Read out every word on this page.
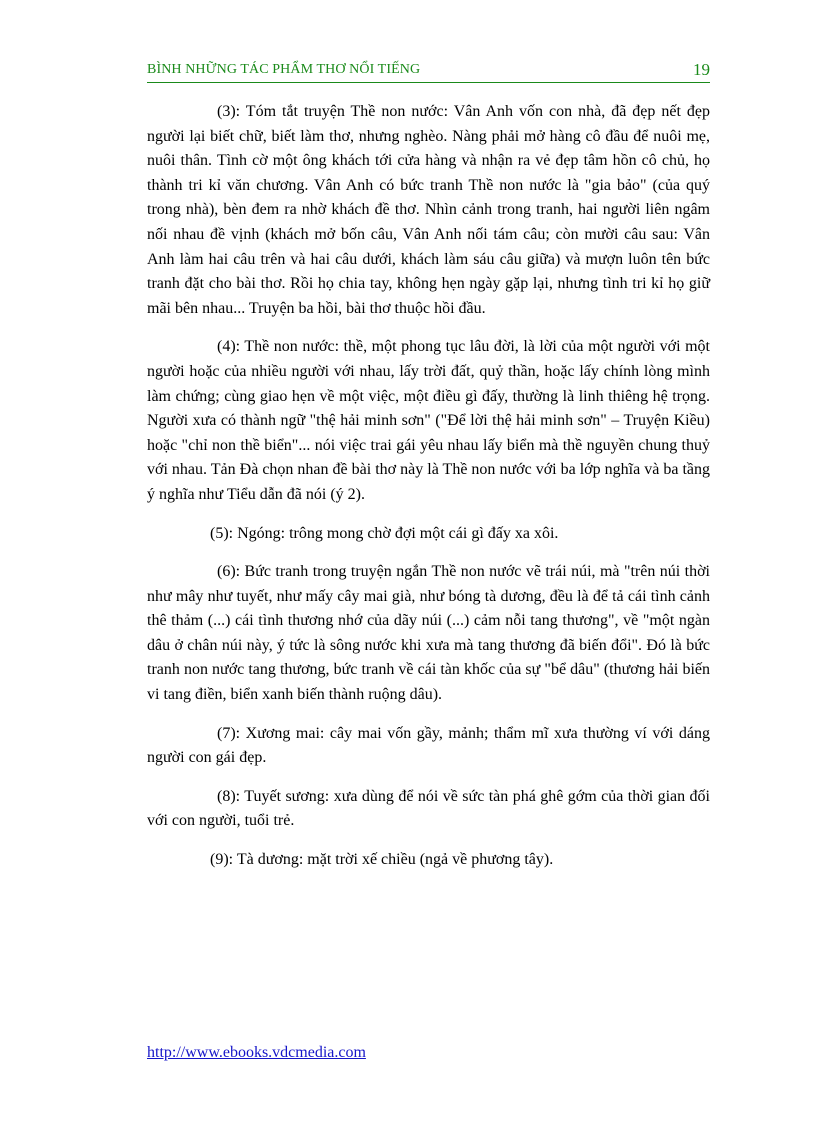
BÌNH NHỮNG TÁC PHẨM THƠ NỔI TIẾNG	19

(3): Tóm tắt truyện Thề non nước: Vân Anh vốn con nhà, đã đẹp nết đẹp người lại biết chữ, biết làm thơ, nhưng nghèo. Nàng phải mở hàng cô đầu để nuôi mẹ, nuôi thân. Tình cờ một ông khách tới cửa hàng và nhận ra vẻ đẹp tâm hồn cô chủ, họ thành tri kỉ văn chương. Vân Anh có bức tranh Thề non nước là "gia bảo" (của quý trong nhà), bèn đem ra nhờ khách đề thơ. Nhìn cảnh trong tranh, hai người liên ngâm nối nhau đề vịnh (khách mở bốn câu, Vân Anh nối tám câu; còn mười câu sau: Vân Anh làm hai câu trên và hai câu dưới, khách làm sáu câu giữa) và mượn luôn tên bức tranh đặt cho bài thơ. Rồi họ chia tay, không hẹn ngày gặp lại, nhưng tình tri kỉ họ giữ mãi bên nhau... Truyện ba hồi, bài thơ thuộc hồi đầu.

(4): Thề non nước: thề, một phong tục lâu đời, là lời của một người với một người hoặc của nhiều người với nhau, lấy trời đất, quỷ thần, hoặc lấy chính lòng mình làm chứng; cùng giao hẹn về một việc, một điều gì đấy, thường là linh thiêng hệ trọng. Người xưa có thành ngữ "thệ hải minh sơn" ("Để lời thệ hải minh sơn" – Truyện Kiều) hoặc "chỉ non thề biển"... nói việc trai gái yêu nhau lấy biển mà thề nguyền chung thuỷ với nhau. Tản Đà chọn nhan đề bài thơ này là Thề non nước với ba lớp nghĩa và ba tầng ý nghĩa như Tiểu dẫn đã nói (ý 2).

(5): Ngóng: trông mong chờ đợi một cái gì đấy xa xôi.

(6): Bức tranh trong truyện ngắn Thề non nước vẽ trái núi, mà "trên núi thời như mây như tuyết, như mấy cây mai già, như bóng tà dương, đều là để tả cái tình cảnh thê thảm (...) cái tình thương nhớ của dãy núi (...) cảm nỗi tang thương", về "một ngàn dâu ở chân núi này, ý tức là sông nước khi xưa mà tang thương đã biến đổi". Đó là bức tranh non nước tang thương, bức tranh về cái tàn khốc của sự "bể dâu" (thương hải biến vi tang điền, biển xanh biến thành ruộng dâu).

(7): Xương mai: cây mai vốn gầy, mảnh; thẩm mĩ xưa thường ví với dáng người con gái đẹp.

(8): Tuyết sương: xưa dùng để nói về sức tàn phá ghê gớm của thời gian đối với con người, tuổi trẻ.

(9): Tà dương: mặt trời xế chiều (ngả về phương tây).

http://www.ebooks.vdcmedia.com
